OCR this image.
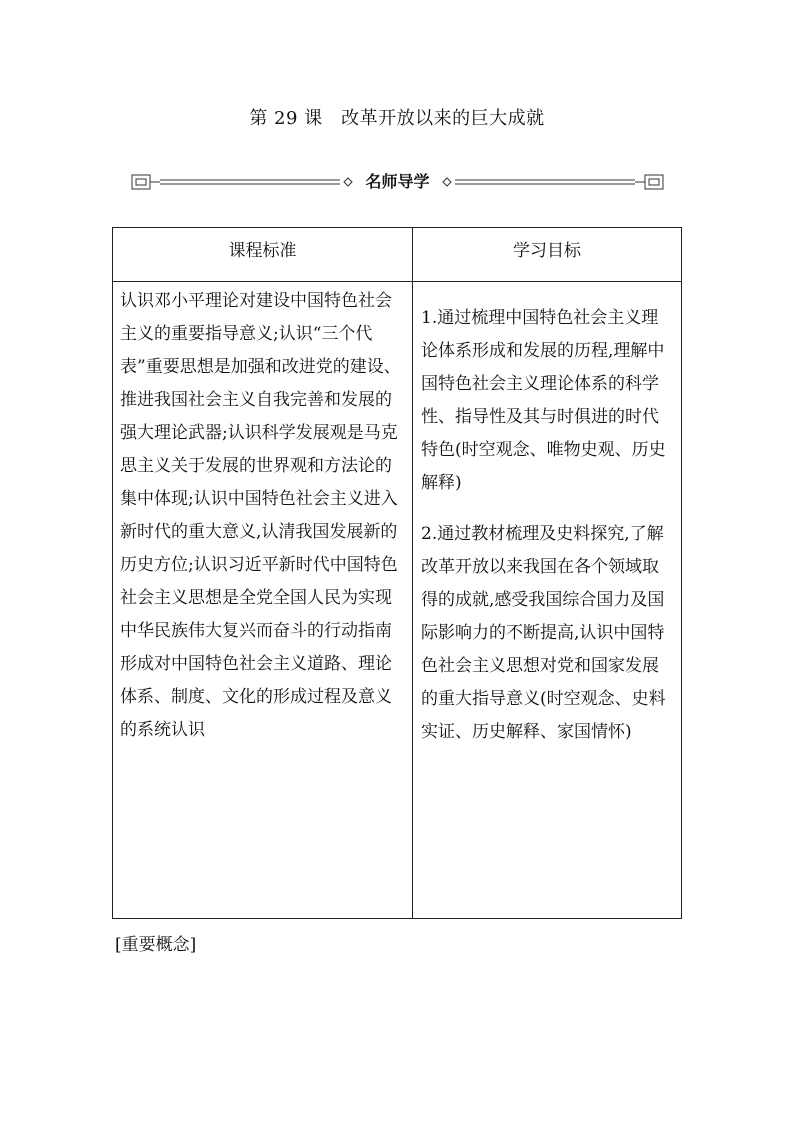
第 29 课　改革开放以来的巨大成就
名师导学
课程标准	学习目标
认识邓小平理论对建设中国特色社会主义的重要指导意义;认识“三个代表”重要思想是加强和改进党的建设、推进我国社会主义自我完善和发展的强大理论武器;认识科学发展观是马克思主义关于发展的世界观和方法论的集中体现;认识中国特色社会主义进入新时代的重大意义,认清我国发展新的历史方位;认识习近平新时代中国特色社会主义思想是全党全国人民为实现中华民族伟大复兴而奋斗的行动指南形成对中国特色社会主义道路、理论体系、制度、文化的形成过程及意义的系统认识	1.通过梳理中国特色社会主义理论体系形成和发展的历程,理解中国特色社会主义理论体系的科学性、指导性及其与时俱进的时代特色(时空观念、唯物史观、历史解释)

2.通过教材梳理及史料探究,了解改革开放以来我国在各个领域取得的成就,感受我国综合国力及国际影响力的不断提高,认识中国特色社会主义思想对党和国家发展的重大指导意义(时空观念、史料实证、历史解释、家国情怀)

[重要概念]
